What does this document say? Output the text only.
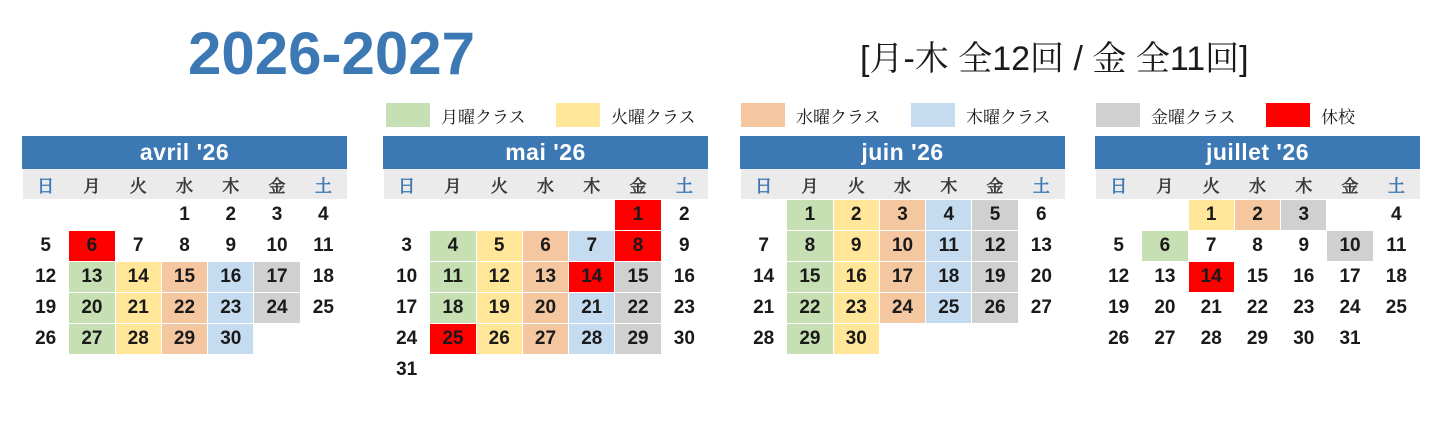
2026-2027	[月-木 全12回 / 金 全11回]
月曜クラス	火曜クラス	水曜クラス	木曜クラス	金曜クラス	休校
avril '26
日	月	火	水	木	金	土
			1	2	3	4
5	6	7	8	9	10	11
12	13	14	15	16	17	18
19	20	21	22	23	24	25
26	27	28	29	30		
mai '26
日	月	火	水	木	金	土
					1	2
3	4	5	6	7	8	9
10	11	12	13	14	15	16
17	18	19	20	21	22	23
24	25	26	27	28	29	30
31						
juin '26
日	月	火	水	木	金	土
	1	2	3	4	5	6
7	8	9	10	11	12	13
14	15	16	17	18	19	20
21	22	23	24	25	26	27
28	29	30				
juillet '26
日	月	火	水	木	金	土
		1	2	3		4
5	6	7	8	9	10	11
12	13	14	15	16	17	18
19	20	21	22	23	24	25
26	27	28	29	30	31	
